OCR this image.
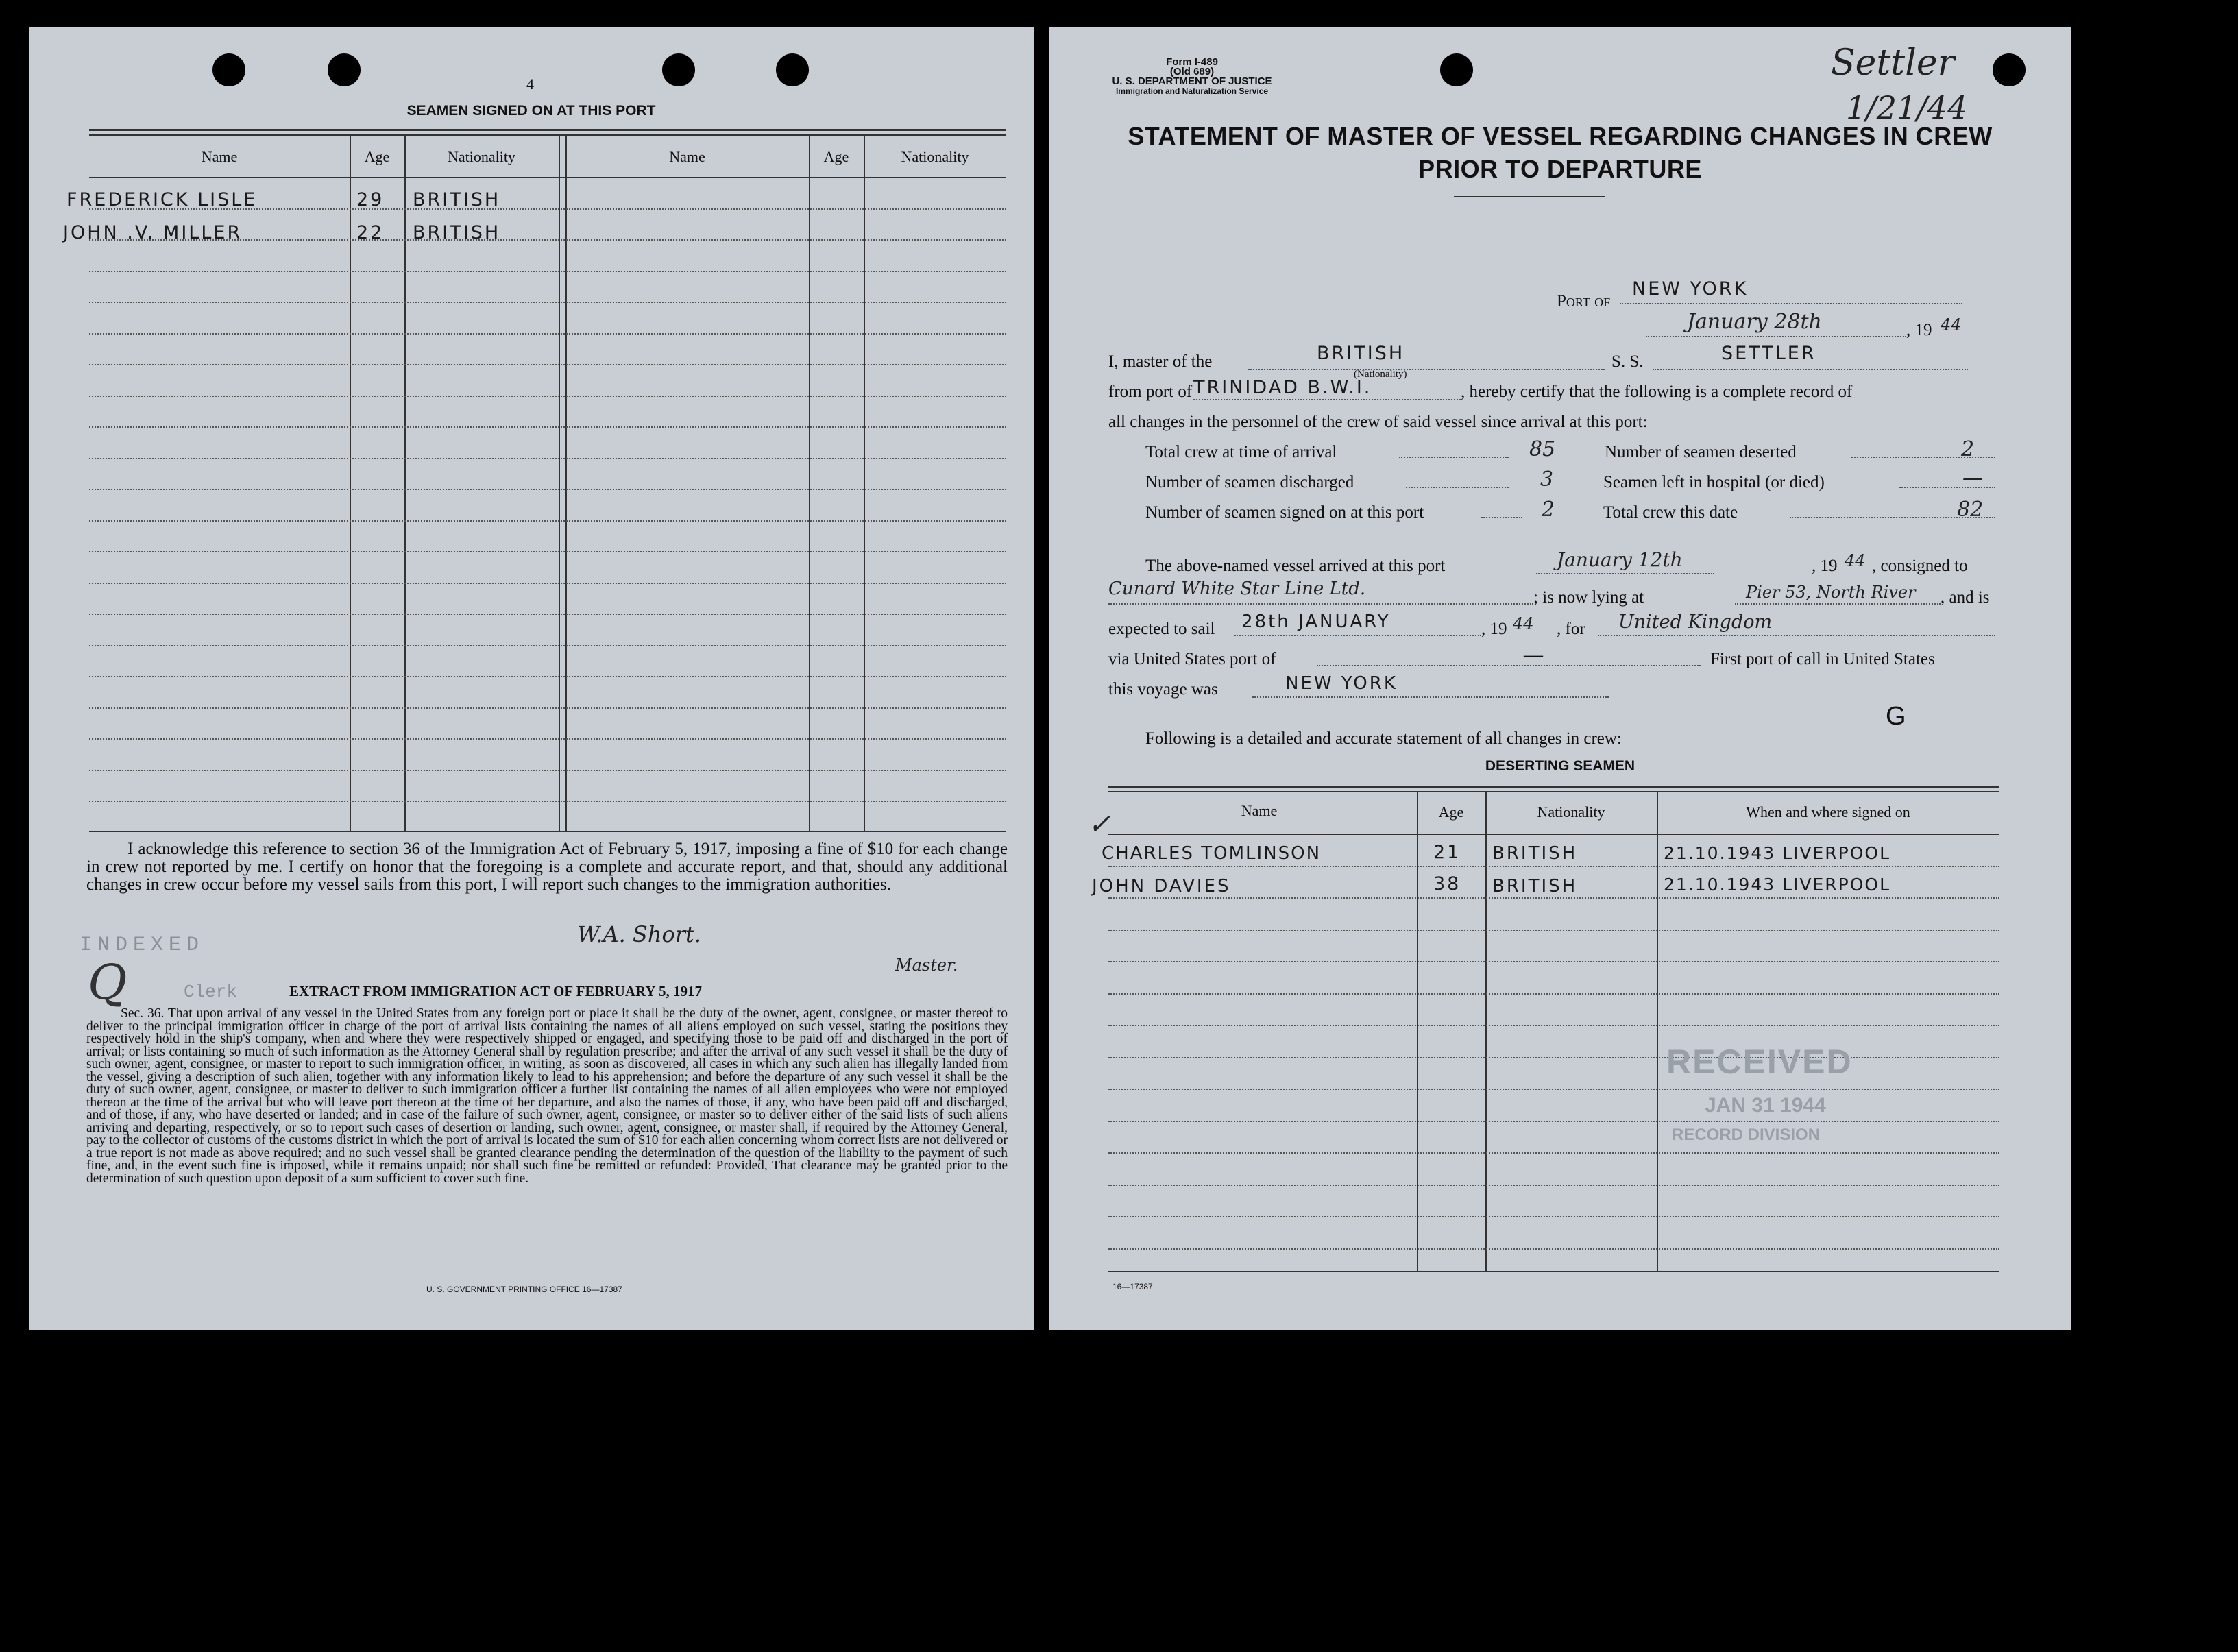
4
SEAMEN SIGNED ON AT THIS PORT
Name	Age	Nationality	Name	Age	Nationality
FREDERICK LISLE	29 BRITISH
JOHN .V. MILLER	22 BRITISH
I acknowledge this reference to section 36 of the Immigration Act of February 5, 1917, imposing a fine of $10 for each change in crew not reported by me. I certify on honor that the foregoing is a complete and accurate report, and that, should any additional changes in crew occur before my vessel sails from this port, I will report such changes to the immigration authorities.
W.A. Short.
Master.
INDEXED
Q	Clerk	EXTRACT FROM IMMIGRATION ACT OF FEBRUARY 5, 1917
Sec. 36. That upon arrival of any vessel in the United States from any foreign port or place it shall be the duty of the owner, agent, consignee, or master thereof to deliver to the principal immigration officer in charge of the port of arrival lists containing the names of all aliens employed on such vessel, stating the positions they respectively hold in the ship's company, when and where they were respectively shipped or engaged, and specifying those to be paid off and discharged in the port of arrival; or lists containing so much of such information as the Attorney General shall by regulation prescribe; and after the arrival of any such vessel it shall be the duty of such owner, agent, consignee, or master to report to such immigration officer, in writing, as soon as discovered, all cases in which any such alien has illegally landed from the vessel, giving a description of such alien, together with any information likely to lead to his apprehension; and before the departure of any such vessel it shall be the duty of such owner, agent, consignee, or master to deliver to such immigration officer a further list containing the names of all alien employees who were not employed thereon at the time of the arrival but who will leave port thereon at the time of her departure, and also the names of those, if any, who have been paid off and discharged, and of those, if any, who have deserted or landed; and in case of the failure of such owner, agent, consignee, or master so to deliver either of the said lists of such aliens arriving and departing, respectively, or so to report such cases of desertion or landing, such owner, agent, consignee, or master shall, if required by the Attorney General, pay to the collector of customs of the customs district in which the port of arrival is located the sum of $10 for each alien concerning whom correct lists are not delivered or a true report is not made as above required; and no such vessel shall be granted clearance pending the determination of the question of the liability to the payment of such fine, and, in the event such fine is imposed, while it remains unpaid; nor shall such fine be remitted or refunded: Provided, That clearance may be granted prior to the determination of such question upon deposit of a sum sufficient to cover such fine.
U. S. GOVERNMENT PRINTING OFFICE 16—17387
Form I-489
(Old 689)
U. S. DEPARTMENT OF JUSTICE
Immigration and Naturalization Service
Settler
1/21/44
STATEMENT OF MASTER OF VESSEL REGARDING CHANGES IN CREW
PRIOR TO DEPARTURE
Port of
NEW YORK
January 28th	, 19 44
I, master of the	BRITISH
(Nationality)
S. S.	SETTLER
from port of TRINIDAD B.W.I.	, hereby certify that the following is a complete record of
all changes in the personnel of the crew of said vessel since arrival at this port:
Total crew at time of arrival	85	Number of seamen deserted	2
Number of seamen discharged	3	Seamen left in hospital (or died)	—
Number of seamen signed on at this port	2	Total crew this date	82
The above-named vessel arrived at this port	January 12th	, 19 44 , consigned to
Cunard White Star Line Ltd.	; is now lying at	Pier 53, North River , and is
expected to sail 28th JANUARY	, 19 44 , for United Kingdom
via United States port of	—	First port of call in United States
this voyage was	NEW YORK
G
Following is a detailed and accurate statement of all changes in crew:
DESERTING SEAMEN
Name	Age	Nationality	When and where signed on
✓
CHARLES TOMLINSON	21 BRITISH	21.10.1943 LIVERPOOL
JOHN DAVIES	38 BRITISH	21.10.1943 LIVERPOOL
RECEIVED
JAN 31 1944
RECORD DIVISION
16—17387
